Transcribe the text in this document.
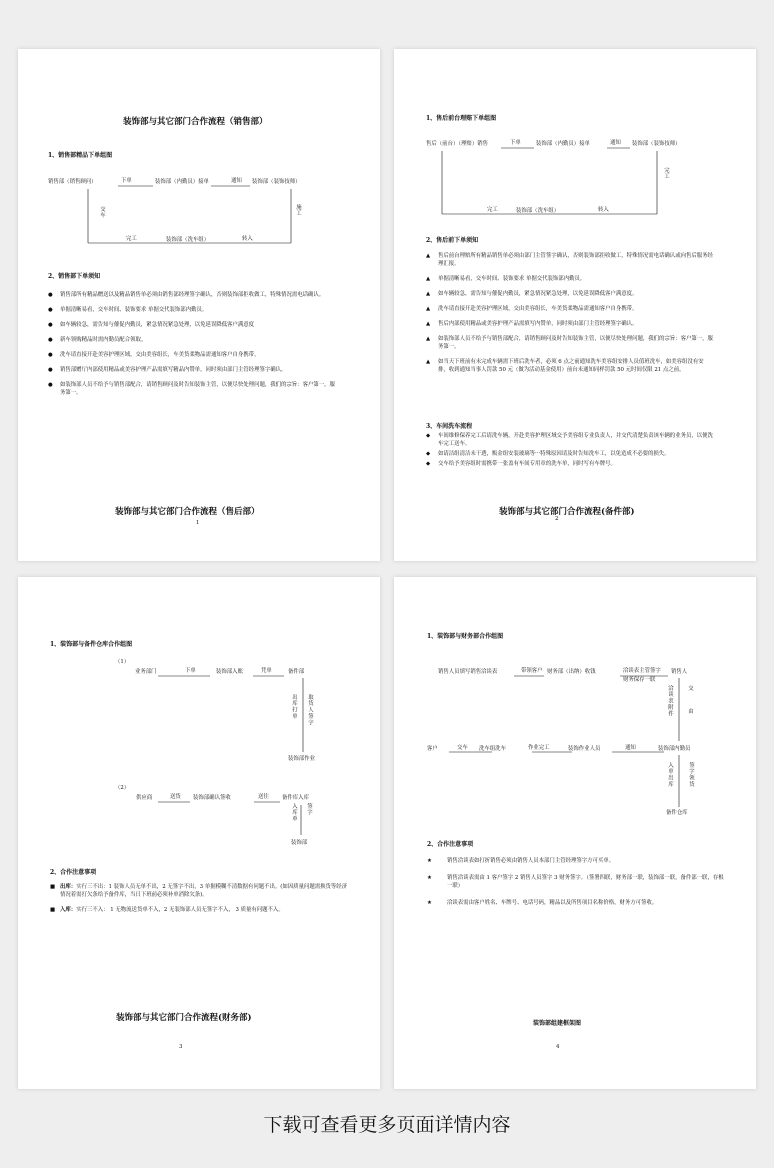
装饰部与其它部门合作流程（销售部）
1、销售部精品下单组图
销售部（销售顾问）	下单	装饰部（内勤员）接单	通知 装饰部（装饰技师）
施工
交车
完工	装饰部（洗车组）	转入
2、销售部下单须知
● 销售部所有精品赠送以及精品销售单必须由销售部经理签字确认，否则装饰部拒收做工，特殊情况需电话确认。
● 单据清晰易看，交车时间、装饰要求 单据交代装饰部内勤员。
● 如车辆较急，需告知与催促内勤员，紧急情况紧急处理，以免延误降低客户满意度
● 新车领购精品时需内勤员配合领取。
● 洗车请直接开赴美容护理区域，交由美容组长，车美货柔物品需通知客户自身携带。
● 销售部赠厅内部使用精品或美容护理产品需填写精品内赞单，同时须由部门主管经理签字确认。
● 如装饰部人员不给予与销售部配合，请销售顾问及时告知装饰主管，以便尽快处理问题，我们的宗旨：客户第一，服务第一。
装饰部与其它部门合作流程（售后部）
1
1、售后前台理赔下单组图
售后（前台）（理赔）销售	下单	装饰部（内勤员）接单	通知 装饰部（装饰技师）
完工
完工	装饰部（洗车组）	转入
2、售后前下单须知
▲ 售后前台理赔所有精品销售单必须由部门主管签字确认，否则装饰部拒收做工，特殊情况需电话确认或向售后服务经理汇报。
▲ 单据清晰易看，交车时间、装饰要求 单据交代装饰部内勤员。
▲ 如车辆较急，需告知与催促内勤员，紧急情况紧急处理，以免延误降低客户满意度。
▲ 洗车请直接开赴美容护理区域，交由美容组长，车美货柔物品需通知客户自身携带。
▲ 售后内部使用精品或美容护理产品需填写内赞单，同时须由部门主管经理签字确认。
▲ 如装饰部人员不给予与销售部配合，请销售顾问及时告知装饰主管，以便尽快处理问题，我们的宗旨：客户第一，服务第一。
▲ 如当天下班前有未完成车辆需下班后洗车者，必须 6 点之前通知洗车美容组安排人员值班洗车，如美容组没有安排，收到通知当事人罚款 50 元（做为活动基金使用）前台未通知同样罚款 50 元时间仅限 21 点之前。
3、车间洗车流程
◆ 车间维修保养完工后请洗车辆，开赴美容护理区域交予美容组专业负责人，并交代清楚负责该车辆的业务员，以便洗车完工送车。
◆ 如请洁组清洁未干透，贩金组安装玻璃等···特殊原因请及时告知洗车工，以免造成不必要的损失。
◆ 交车给予美容组时需携带一张盖有车间专用章的洗车单，同时写有车牌号。
装饰部与其它部门合作流程(备件部)
2
1、装饰部与备件仓库合作组图
（1）
业务部门	下单	装饰部入账	凭单	备件部
出库打单 取货人签字
装饰部作业
（2）
供应商	送货 装饰部确认签收	送往 备件库入库
入库单 签字
装饰部
2、合作注意事项
■ 出库：实行三不出：1 装饰人员无单不出，2 无签字不出，3 单据模糊不清数据有问题不出。(如因质量问题需换货等经济情况着需打欠条给予备件库，当日下班前必须补单消除欠条)。
■ 入库：实行三不入： 1 无物流送货单不入，2 无装饰部人员无签字不入， 3 质量有问题不入。
装饰部与其它部门合作流程(财务部)
3
1、装饰部与财务部合作组图
销售人员填写销售洽谈表	带领客户 财务部（出纳）收钱	洽谈表主管签字
财务保存一联
销售人
洽谈表附件	交由
客户	交车 洗车组洗车	作业完工	装饰作业人员	通知	装饰部内勤员
入单出库	签字领货
备件仓库
2、合作注意事项
★	销售洽谈表如打折销售必须由销售人员本部门主管经理签字方可买单。
★	销售洽谈表需由 1 客户签字 2 销售人员签字 3 财务签字。（签署四联，财务部一联，装饰部一联，备件部一联，存根一联）
★	洽谈表需由客户姓名、车牌号、电话号码，精品以及所售项目名称价格，财务方可签收。
装饰部组建框架图
4
下载可查看更多页面详情内容
